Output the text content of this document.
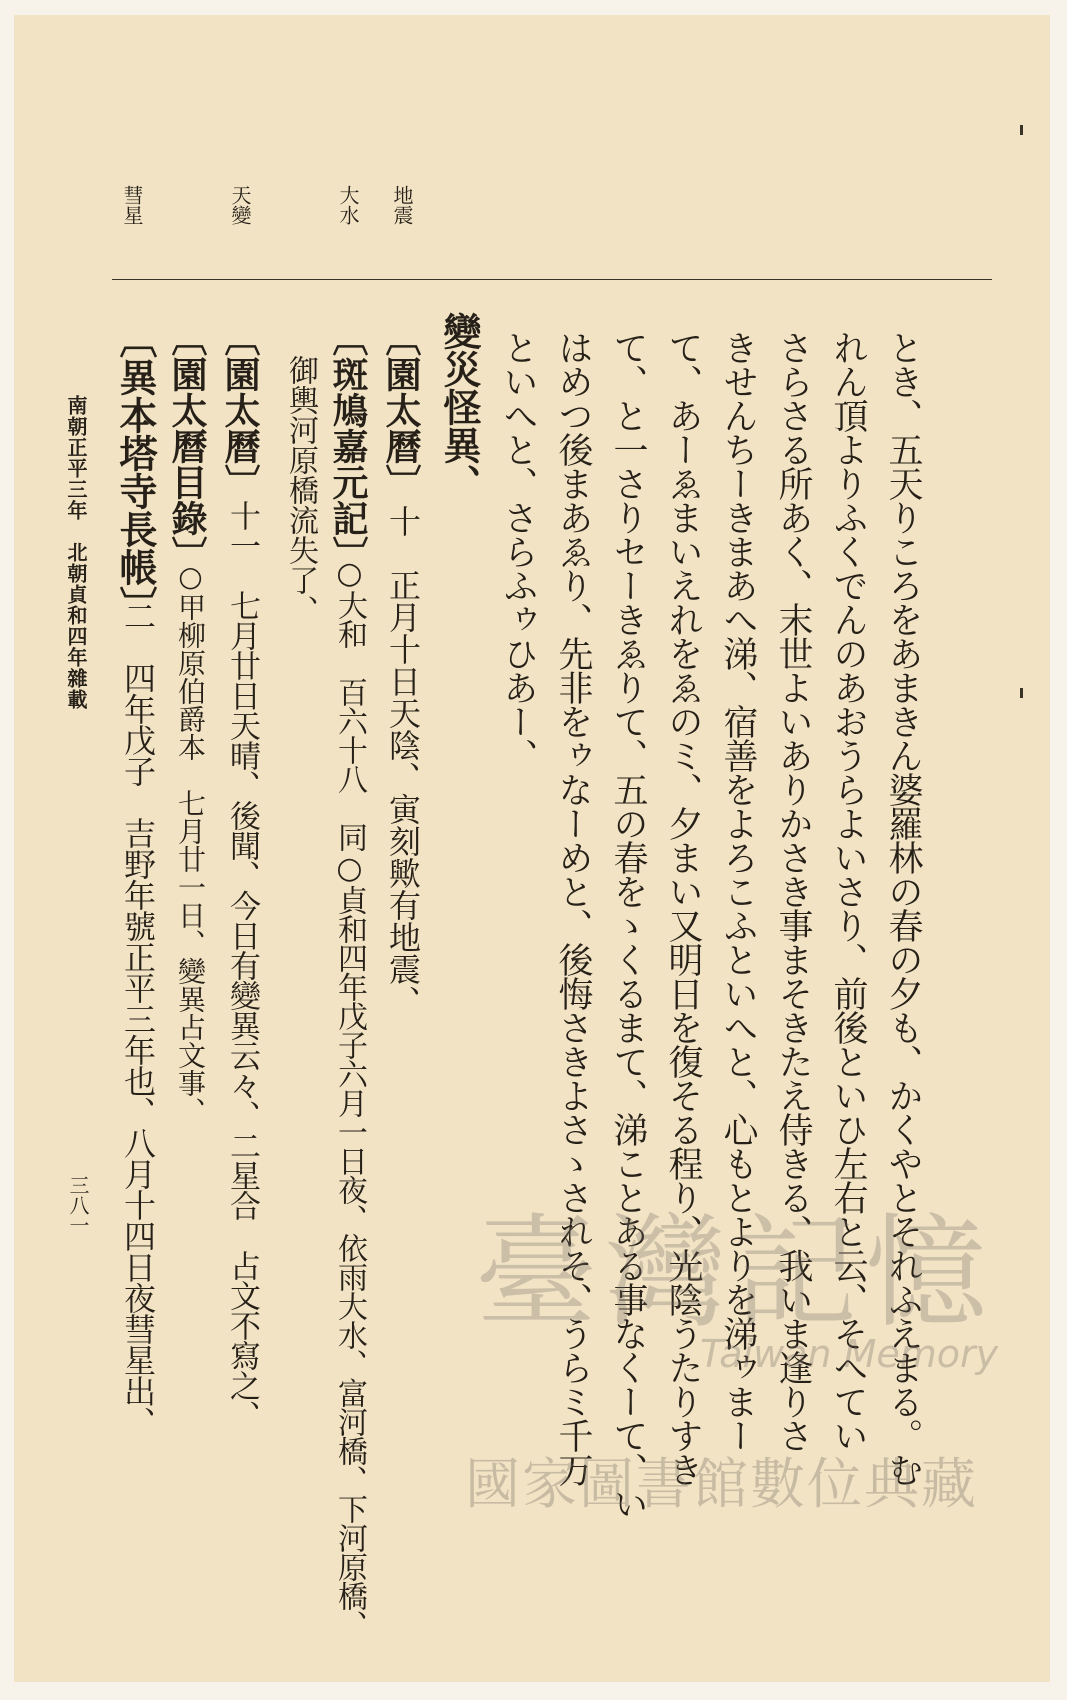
地震
大水
天變
彗星
とき、五天りころをあまきん婆羅林の春の夕も、かくやとそれふえまる。む
れん頂よりふくでんのあおうらよいさり、前後といひ左右と云、そへてい
さらさる所あく、末世よいありかさき事まそきたえ侍きる、我いま逢りさ
きせんちーきまあへ涕、宿善をよろこふといへと、心もとよりを涕ゥまー
て、あーゑまいえれをゑのミ、夕まい又明日を復そる程り、光陰うたりすき
て、と一さりセーきゑりて、五の春をゝくるまて、涕ことある事なくーて、い
はめつ後まあゑり、先非をゥなーめと、後悔さきよさゝされそ、うらミ千万
といへと、さらふゥひあー、
變災怪異、
〔園太曆〕
十　正月十日天陰、寅刻歟有地震、
〔斑鳩嘉元記〕
○大和　百六十八　同○貞和四年戊子六月一日夜、依雨大水、富河橋、下河原橋、
御輿河原橋流失了、
〔園太曆〕
十一　七月廿日天晴、後聞、今日有變異云々、二星合　占文不寫之、
〔園太曆目錄〕
○甲柳原伯爵本　七月廿一日、變異占文事、
〔異本塔寺長帳〕
二　四年戊子　吉野年號正平三年也、八月十四日夜彗星出、
南朝正平三年　北朝貞和四年雜載
三八一	臺灣記憶
Taiwan Memory
國家圖書館數位典藏
